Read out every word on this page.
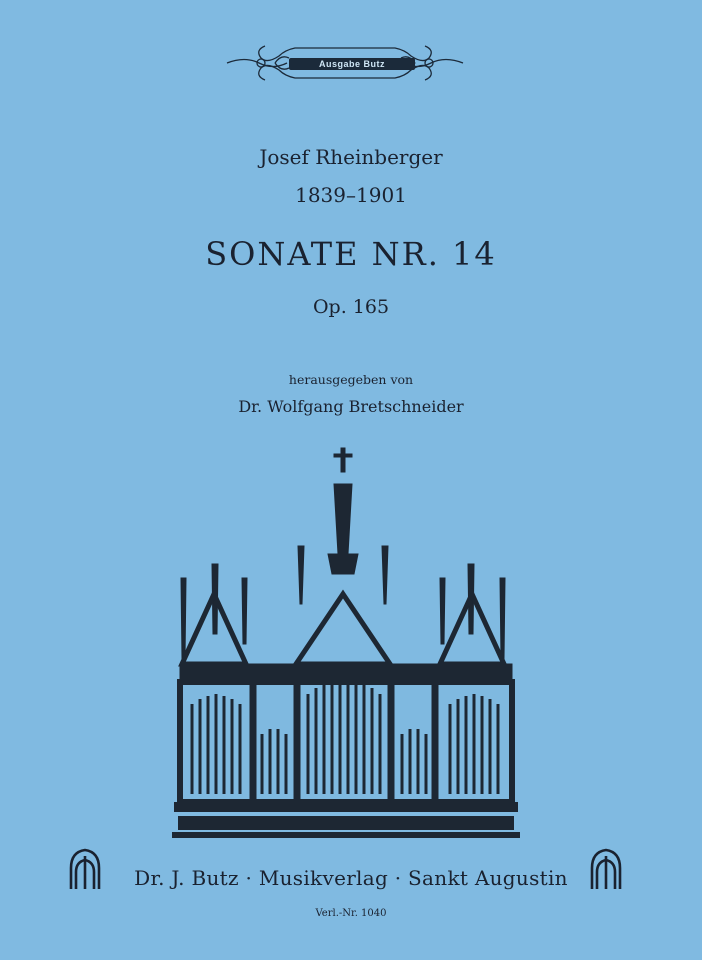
Ausgabe Butz
Josef Rheinberger
1839–1901
SONATE NR. 14
Op. 165
herausgegeben von
Dr. Wolfgang Bretschneider
Dr. J. Butz · Musikverlag · Sankt Augustin
Verl.-Nr. 1040
